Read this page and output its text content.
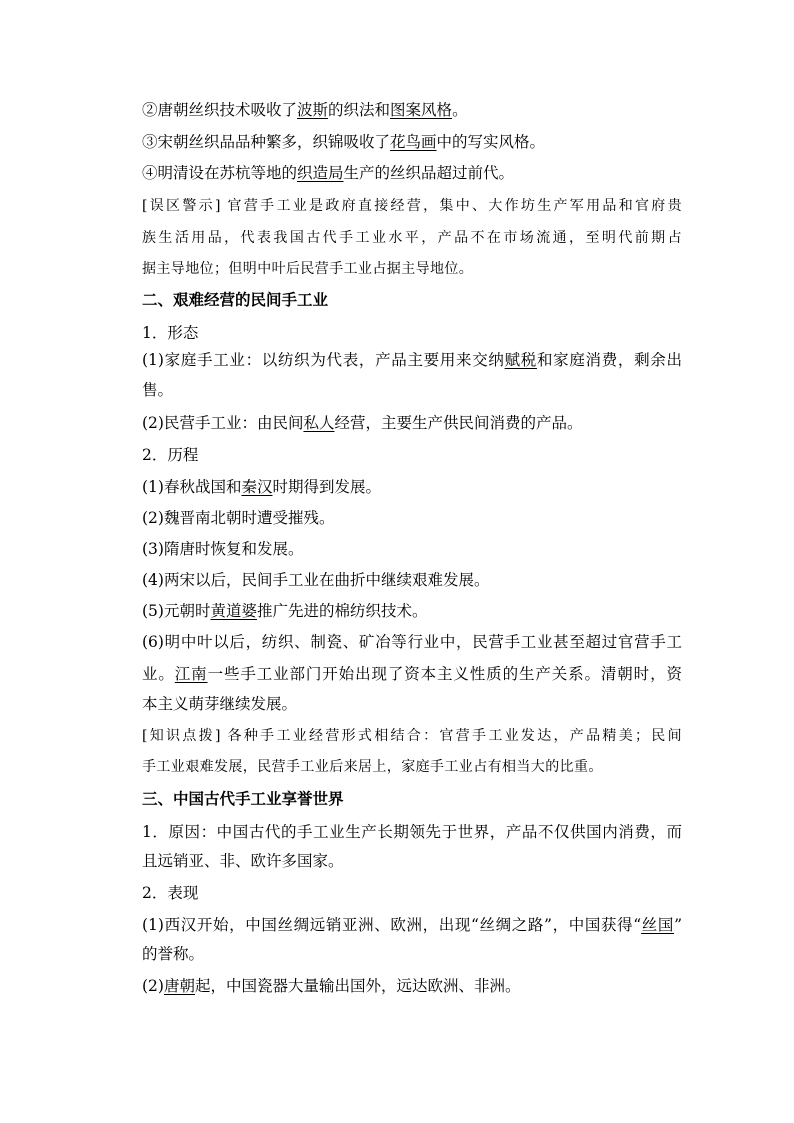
②唐朝丝织技术吸收了波斯的织法和图案风格。
③宋朝丝织品品种繁多，织锦吸收了花鸟画中的写实风格。
④明清设在苏杭等地的织造局生产的丝织品超过前代。
[误区警示] 官营手工业是政府直接经营，集中、大作坊生产军用品和官府贵
族生活用品，代表我国古代手工业水平，产品不在市场流通，至明代前期占
据主导地位；但明中叶后民营手工业占据主导地位。
二、艰难经营的民间手工业
1．形态
(1)家庭手工业：以纺织为代表，产品主要用来交纳赋税和家庭消费，剩余出
售。
(2)民营手工业：由民间私人经营，主要生产供民间消费的产品。
2．历程
(1)春秋战国和秦汉时期得到发展。
(2)魏晋南北朝时遭受摧残。
(3)隋唐时恢复和发展。
(4)两宋以后，民间手工业在曲折中继续艰难发展。
(5)元朝时黄道婆推广先进的棉纺织技术。
(6)明中叶以后，纺织、制瓷、矿冶等行业中，民营手工业甚至超过官营手工
业。江南一些手工业部门开始出现了资本主义性质的生产关系。清朝时，资
本主义萌芽继续发展。
[知识点拨] 各种手工业经营形式相结合：官营手工业发达，产品精美；民间
手工业艰难发展，民营手工业后来居上，家庭手工业占有相当大的比重。
三、中国古代手工业享誉世界
1．原因：中国古代的手工业生产长期领先于世界，产品不仅供国内消费，而
且远销亚、非、欧许多国家。
2．表现
(1)西汉开始，中国丝绸远销亚洲、欧洲，出现“丝绸之路”，中国获得“丝国”
的誉称。
(2)唐朝起，中国瓷器大量输出国外，远达欧洲、非洲。
